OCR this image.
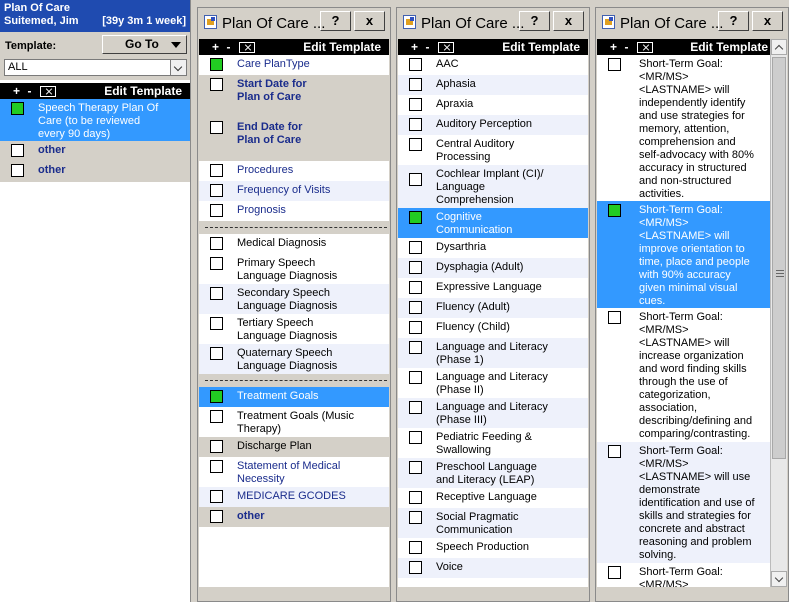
Plan Of Care
Suitemed, Jim [39y 3m 1 week]
Template:	Go To
ALL
+ -	Edit Template
Speech Therapy Plan Of Care (to be reviewed every 90 days)
other
other
Plan Of Care ... ?	x
+ -	Edit Template
Care PlanType
Start Date for Plan of Care
End Date for Plan of Care
Procedures
Frequency of Visits
Prognosis
Medical Diagnosis
Primary Speech Language Diagnosis
Secondary Speech Language Diagnosis
Tertiary Speech Language Diagnosis
Quaternary Speech Language Diagnosis
Treatment Goals
Treatment Goals (Music Therapy)
Discharge Plan
Statement of Medical Necessity
MEDICARE GCODES
other
Plan Of Care ... ?	x
+ -	Edit Template
AAC
Aphasia
Apraxia
Auditory Perception
Central Auditory Processing
Cochlear Implant (CI)/ Language Comprehension
Cognitive Communication
Dysarthria
Dysphagia (Adult)
Expressive Language
Fluency (Adult)
Fluency (Child)
Language and Literacy (Phase 1)
Language and Literacy (Phase II)
Language and Literacy (Phase III)
Pediatric Feeding & Swallowing
Preschool Language and Literacy (LEAP)
Receptive Language
Social Pragmatic Communication
Speech Production
Voice
Plan Of Care ... ?	x
+ -	Edit Template
Short-Term Goal: <MR/MS> <LASTNAME> will independently identify and use strategies for memory, attention, comprehension and self-advocacy with 80% accuracy in structured and non-structured activities.
Short-Term Goal: <MR/MS> <LASTNAME> will improve orientation to time, place and people with 90% accuracy given minimal visual cues.
Short-Term Goal: <MR/MS> <LASTNAME> will increase organization and word finding skills through the use of categorization, association, describing/defining and comparing/contrasting.
Short-Term Goal: <MR/MS> <LASTNAME> will use demonstrate identification and use of skills and strategies for concrete and abstract reasoning and problem solving.
Short-Term Goal: <MR/MS>
